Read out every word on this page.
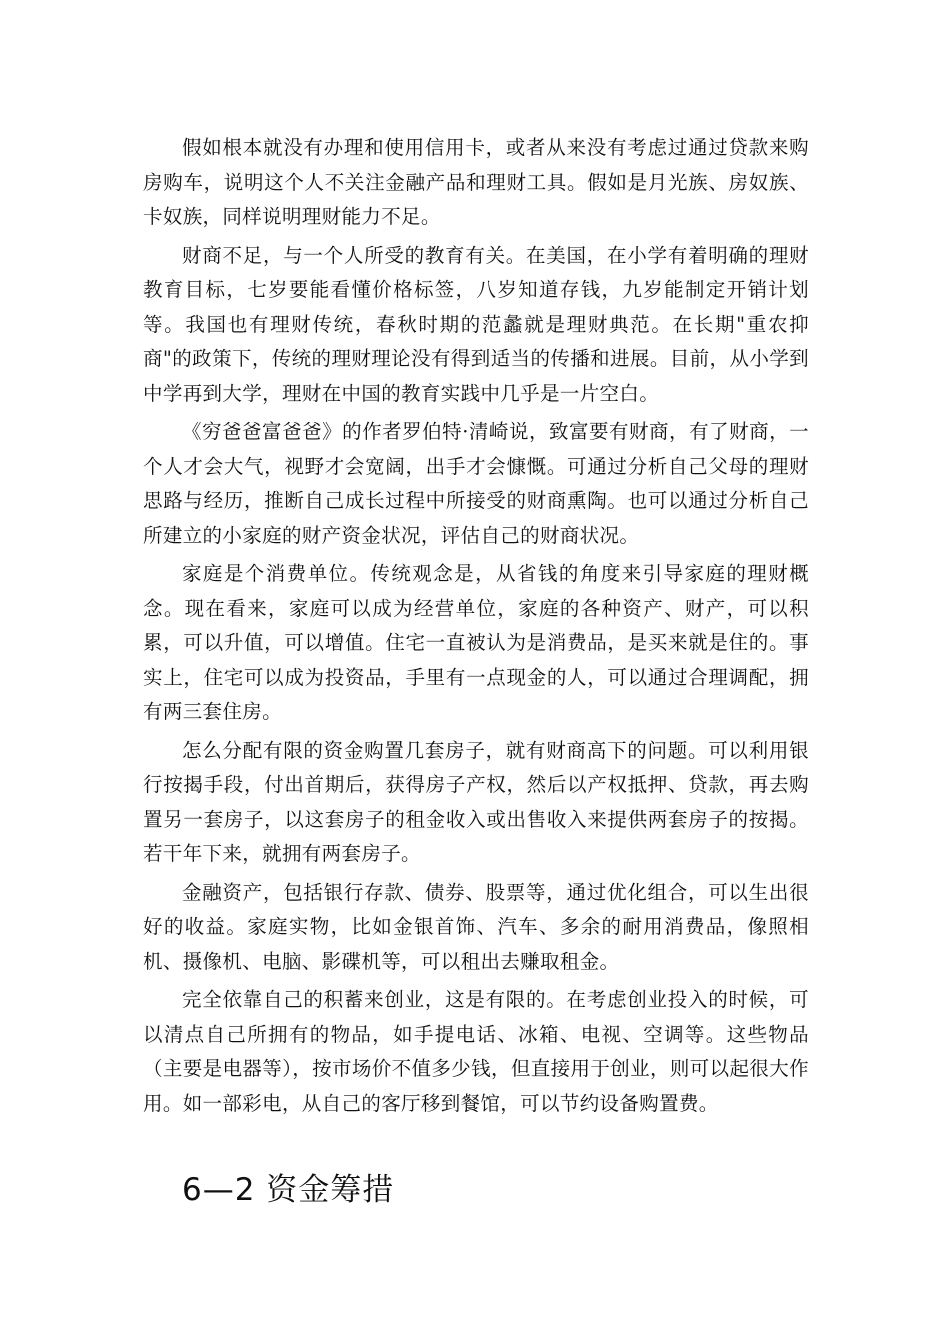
假如根本就没有办理和使用信用卡，或者从来没有考虑过通过贷款来购房购车，说明这个人不关注金融产品和理财工具。假如是月光族、房奴族、卡奴族，同样说明理财能力不足。

财商不足，与一个人所受的教育有关。在美国，在小学有着明确的理财教育目标，七岁要能看懂价格标签，八岁知道存钱，九岁能制定开销计划等。我国也有理财传统，春秋时期的范蠡就是理财典范。在长期"重农抑商"的政策下，传统的理财理论没有得到适当的传播和进展。目前，从小学到中学再到大学，理财在中国的教育实践中几乎是一片空白。

《穷爸爸富爸爸》的作者罗伯特·清崎说，致富要有财商，有了财商，一个人才会大气，视野才会宽阔，出手才会慷慨。可通过分析自己父母的理财思路与经历，推断自己成长过程中所接受的财商熏陶。也可以通过分析自己所建立的小家庭的财产资金状况，评估自己的财商状况。

家庭是个消费单位。传统观念是，从省钱的角度来引导家庭的理财概念。现在看来，家庭可以成为经营单位，家庭的各种资产、财产，可以积累，可以升值，可以增值。住宅一直被认为是消费品，是买来就是住的。事实上，住宅可以成为投资品，手里有一点现金的人，可以通过合理调配，拥有两三套住房。

怎么分配有限的资金购置几套房子，就有财商高下的问题。可以利用银行按揭手段，付出首期后，获得房子产权，然后以产权抵押、贷款，再去购置另一套房子，以这套房子的租金收入或出售收入来提供两套房子的按揭。若干年下来，就拥有两套房子。

金融资产，包括银行存款、债券、股票等，通过优化组合，可以生出很好的收益。家庭实物，比如金银首饰、汽车、多余的耐用消费品，像照相机、摄像机、电脑、影碟机等，可以租出去赚取租金。

完全依靠自己的积蓄来创业，这是有限的。在考虑创业投入的时候，可以清点自己所拥有的物品，如手提电话、冰箱、电视、空调等。这些物品（主要是电器等），按市场价不值多少钱，但直接用于创业，则可以起很大作用。如一部彩电，从自己的客厅移到餐馆，可以节约设备购置费。

6—2 资金筹措
